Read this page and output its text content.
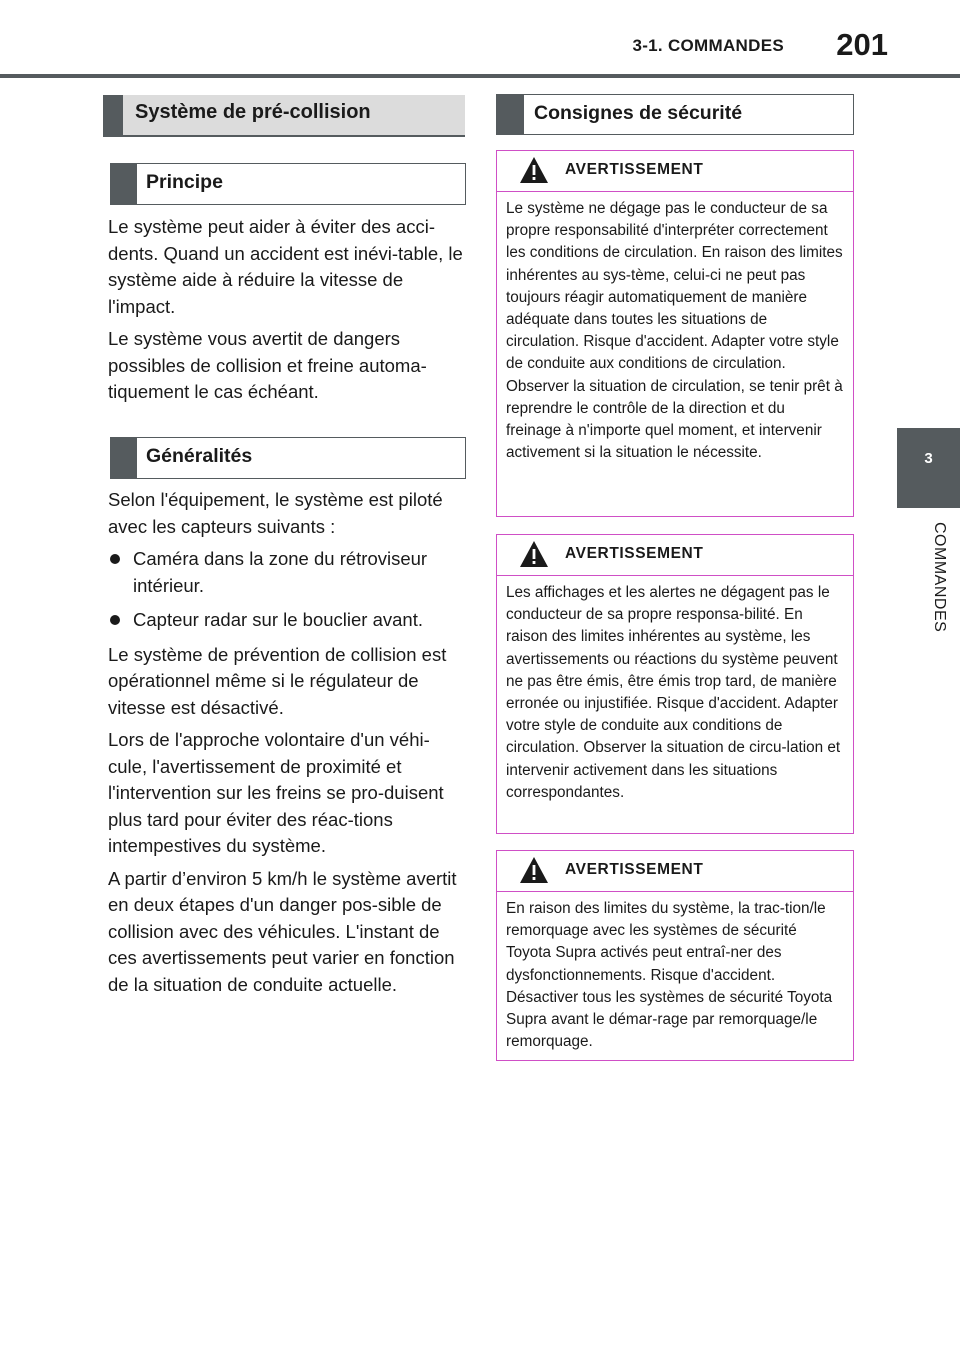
3-1. COMMANDES 201
3
COMMANDES
Système de pré-collision
Principe

Le système peut aider à éviter des acci-dents. Quand un accident est inévi-table, le système aide à réduire la vitesse de l'impact.

Le système vous avertit de dangers possibles de collision et freine automa-tiquement le cas échéant.

Généralités

Selon l'équipement, le système est piloté avec les capteurs suivants :

Caméra dans la zone du rétroviseur intérieur.
Capteur radar sur le bouclier avant.

Le système de prévention de collision est opérationnel même si le régulateur de vitesse est désactivé.

Lors de l'approche volontaire d'un véhi-cule, l'avertissement de proximité et l'intervention sur les freins se pro-duisent plus tard pour éviter des réac-tions intempestives du système.

A partir d’environ 5 km/h le système avertit en deux étapes d'un danger pos-sible de collision avec des véhicules. L'instant de ces avertissements peut varier en fonction de la situation de conduite actuelle.

Consignes de sécurité
AVERTISSEMENT
Le système ne dégage pas le conducteur de sa propre responsabilité d'interpréter correctement les conditions de circulation. En raison des limites inhérentes au sys-tème, celui-ci ne peut pas toujours réagir automatiquement de manière adéquate dans toutes les situations de circulation. Risque d'accident. Adapter votre style de conduite aux conditions de circulation. Observer la situation de circulation, se tenir prêt à reprendre le contrôle de la direction et du freinage à n'importe quel moment, et intervenir activement si la situation le nécessite.
AVERTISSEMENT
Les affichages et les alertes ne dégagent pas le conducteur de sa propre responsa-bilité. En raison des limites inhérentes au système, les avertissements ou réactions du système peuvent ne pas être émis, être émis trop tard, de manière erronée ou injustifiée. Risque d'accident. Adapter votre style de conduite aux conditions de circulation. Observer la situation de circu-lation et intervenir activement dans les situations correspondantes.
AVERTISSEMENT
En raison des limites du système, la trac-tion/le remorquage avec les systèmes de sécurité Toyota Supra activés peut entraî-ner des dysfonctionnements. Risque d'accident. Désactiver tous les systèmes de sécurité Toyota Supra avant le démar-rage par remorquage/le remorquage.
